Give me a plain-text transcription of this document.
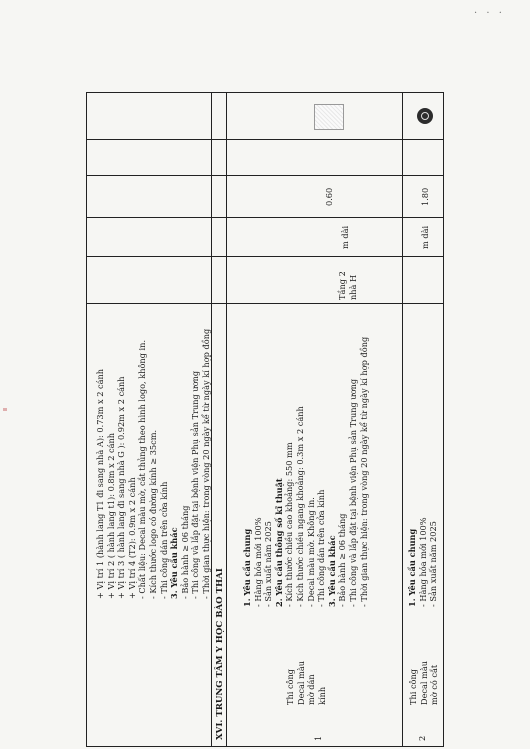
· · ·
+ Vị trí 1 (hành lang T1 đi sang nhà A): 0.73m x 2 cánh + Vị trí 2 ( hành lang t1): 0.8m x 2 cánh + Vị trí 3 ( hành lang đi sang nhà G ): 0.92m x 2 cánh + Vị trí 4 (T2): 0.9m x 2 cánh - Chất liệu: Decal màu mờ, cắt thủng theo hình logo, không in. - Kích thước logo có đường kính ≥ 35cm. - Thi công dán trên cửa kính 3. Yêu cầu khác - Bảo hành ≥ 06 tháng - Thi công và lắp đặt tại bệnh viện Phụ sản Trung ương - Thời gian thực hiện: trong vòng 20 ngày kể từ ngày kí hợp đồng
XVI. TRUNG TÂM Y HỌC BÀO THAI
1. Yêu cầu chung - Hàng hóa mới 100% - Sản xuất năm 2025 2. Yêu cầu thông số kĩ thuật - Kích thước chiều cao khoảng: 550 mm - Kích thước chiều ngang khoảng: 0.3m x 2 cánh - Decal màu mờ. Không in. - Thi công dán trên cửa kính 3. Yêu cầu khác - Bảo hành ≥ 06 tháng - Thi công và lắp đặt tại bệnh viện Phụ sản Trung ương - Thời gian thực hiện: trong vòng 20 ngày kể từ ngày kí hợp đồng
Thi công Decal màu mờ dán kính
Tầng 2 nhà H
1
m dài
0.60
1. Yêu cầu chung - Hàng hóa mới 100% - Sản xuất năm 2025
Thi công Decal màu mờ có cắt
2
m dài
1.80
